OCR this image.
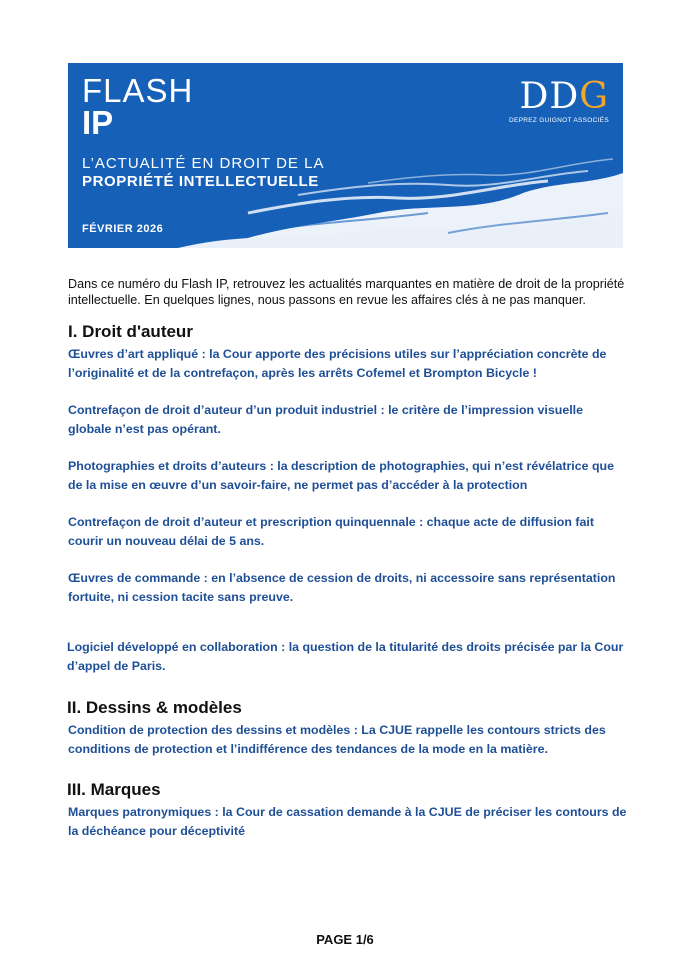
FLASH
IP
L’ACTUALITÉ EN DROIT DE LA
PROPRIÉTÉ INTELLECTUELLE
FÉVRIER 2026
DDG
DEPREZ GUIGNOT ASSOCIÉS
Dans ce numéro du Flash IP, retrouvez les actualités marquantes en matière de droit de la propriété intellectuelle. En quelques lignes, nous passons en revue les affaires clés à ne pas manquer.
I. Droit d'auteur
Œuvres d’art appliqué : la Cour apporte des précisions utiles sur l’appréciation concrète de l’originalité et de la contrefaçon, après les arrêts Cofemel et Brompton Bicycle !
Contrefaçon de droit d’auteur d’un produit industriel : le critère de l’impression visuelle globale n’est pas opérant.
Photographies et droits d’auteurs : la description de photographies, qui n’est révélatrice que de la mise en œuvre d’un savoir-faire, ne permet pas d’accéder à la protection
Contrefaçon de droit d’auteur et prescription quinquennale : chaque acte de diffusion fait courir un nouveau délai de 5 ans.
Œuvres de commande : en l’absence de cession de droits, ni accessoire sans représentation fortuite, ni cession tacite sans preuve.
Logiciel développé en collaboration : la question de la titularité des droits précisée par la Cour d’appel de Paris.
II. Dessins & modèles
Condition de protection des dessins et modèles : La CJUE rappelle les contours stricts des conditions de protection et l’indifférence des tendances de la mode en la matière.
III. Marques
Marques patronymiques : la Cour de cassation demande à la CJUE de préciser les contours de la déchéance pour déceptivité
PAGE 1/6
